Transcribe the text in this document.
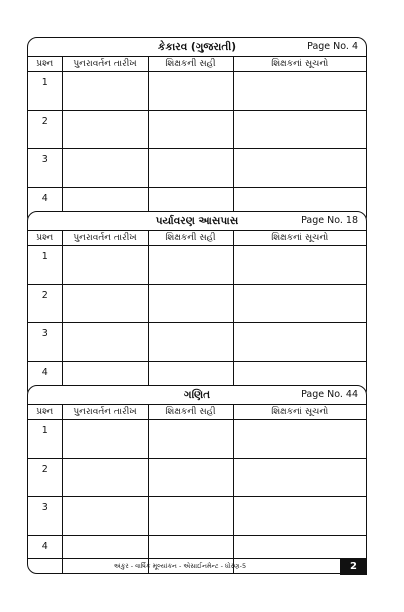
કેકારવ (ગુજરાતી)	Page No. 4
પ્રશ્ન	પુનરાવર્તન તારીખ	શિક્ષકની સહી	શિક્ષકનાં સૂચનો
1			
2			
3			
4			
પર્યાવરણ આસપાસ	Page No. 18
પ્રશ્ન	પુનરાવર્તન તારીખ	શિક્ષકની સહી	શિક્ષકનાં સૂચનો
1			
2			
3			
4			
ગણિત	Page No. 44
પ્રશ્ન	પુનરાવર્તન તારીખ	શિક્ષકની સહી	શિક્ષકનાં સૂચનો
1			
2			
3			
4			
અંકુર - વાર્ષિક મૂલ્યાંકન - એસાઈનમેન્ટ - ધોરણ-5	2
